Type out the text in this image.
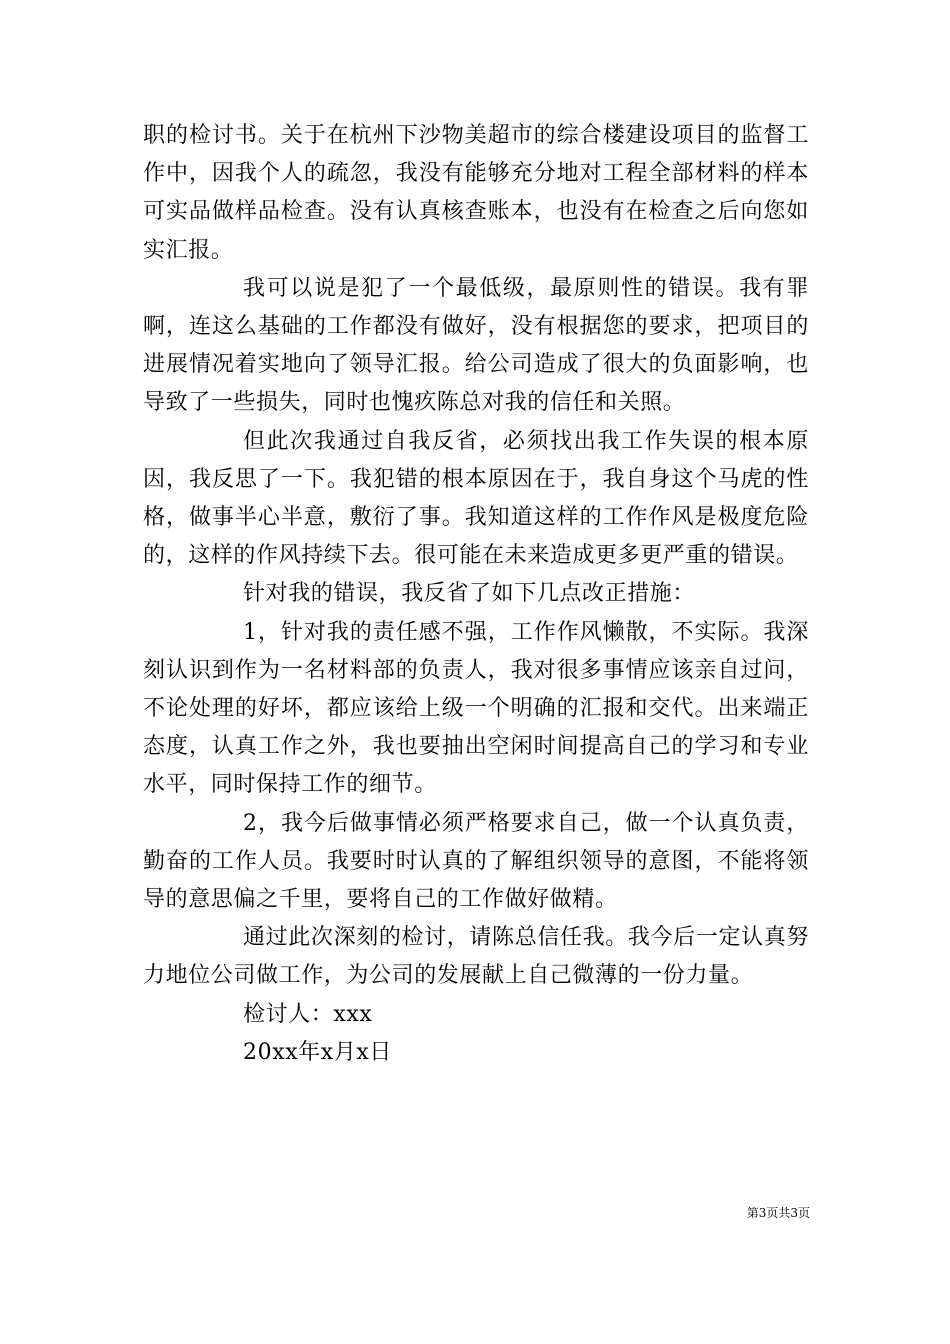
职的检讨书。关于在杭州下沙物美超市的综合楼建设项目的监督工作中，因我个人的疏忽，我没有能够充分地对工程全部材料的样本可实品做样品检查。没有认真核查账本，也没有在检查之后向您如实汇报。

我可以说是犯了一个最低级，最原则性的错误。我有罪啊，连这么基础的工作都没有做好，没有根据您的要求，把项目的进展情况着实地向了领导汇报。给公司造成了很大的负面影响，也导致了一些损失，同时也愧疚陈总对我的信任和关照。

但此次我通过自我反省，必须找出我工作失误的根本原因，我反思了一下。我犯错的根本原因在于，我自身这个马虎的性格，做事半心半意，敷衍了事。我知道这样的工作作风是极度危险的，这样的作风持续下去。很可能在未来造成更多更严重的错误。

针对我的错误，我反省了如下几点改正措施：

1，针对我的责任感不强，工作作风懒散，不实际。我深刻认识到作为一名材料部的负责人，我对很多事情应该亲自过问，不论处理的好坏，都应该给上级一个明确的汇报和交代。出来端正态度，认真工作之外，我也要抽出空闲时间提高自己的学习和专业水平，同时保持工作的细节。

2，我今后做事情必须严格要求自己，做一个认真负责，勤奋的工作人员。我要时时认真的了解组织领导的意图，不能将领导的意思偏之千里，要将自己的工作做好做精。

通过此次深刻的检讨，请陈总信任我。我今后一定认真努力地位公司做工作，为公司的发展献上自己微薄的一份力量。

检讨人：xxx

20xx年x月x日

第3页共3页
